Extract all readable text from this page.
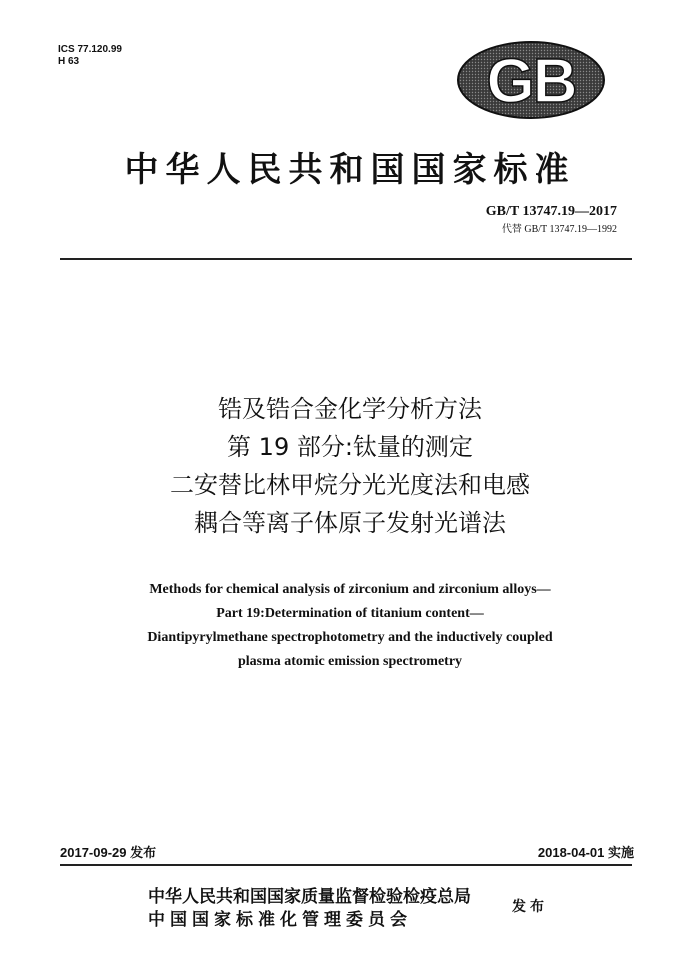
ICS 77.120.99
H 63	GB
中华人民共和国国家标准
GB/T 13747.19—2017
代替 GB/T 13747.19—1992
锆及锆合金化学分析方法
第 19 部分:钛量的测定
二安替比林甲烷分光光度法和电感
耦合等离子体原子发射光谱法
Methods for chemical analysis of zirconium and zirconium alloys—
Part 19:Determination of titanium content—
Diantipyrylmethane spectrophotometry and the inductively coupled
plasma atomic emission spectrometry
2017-09-29 发布	2018-04-01 实施
中华人民共和国国家质量监督检验检疫总局
中国国家标准化管理委员会
发布
